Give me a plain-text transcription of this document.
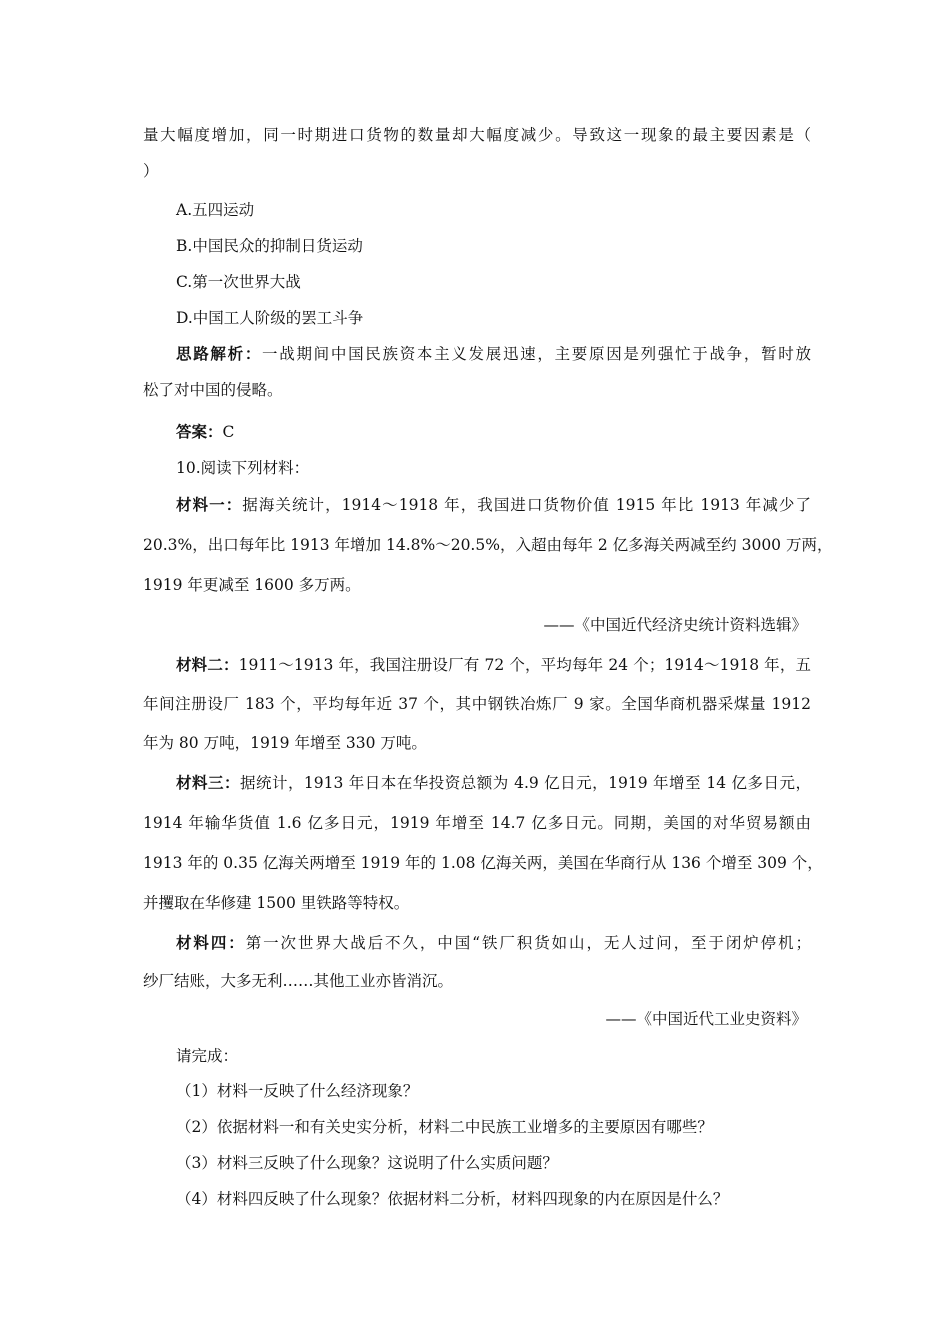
量大幅度增加，同一时期进口货物的数量却大幅度减少。导致这一现象的最主要因素是（
）
A.五四运动
B.中国民众的抑制日货运动
C.第一次世界大战
D.中国工人阶级的罢工斗争
思路解析：一战期间中国民族资本主义发展迅速，主要原因是列强忙于战争，暂时放
松了对中国的侵略。
答案：C
10.阅读下列材料：
材料一：据海关统计，1914～1918 年，我国进口货物价值 1915 年比 1913 年减少了
20.3%，出口每年比 1913 年增加 14.8%～20.5%，入超由每年 2 亿多海关两减至约 3000 万两，
1919 年更减至 1600 多万两。
——《中国近代经济史统计资料选辑》
材料二：1911～1913 年，我国注册设厂有 72 个，平均每年 24 个；1914～1918 年，五
年间注册设厂 183 个，平均每年近 37 个，其中钢铁冶炼厂 9 家。全国华商机器采煤量 1912
年为 80 万吨，1919 年增至 330 万吨。
材料三：据统计，1913 年日本在华投资总额为 4.9 亿日元，1919 年增至 14 亿多日元，
1914 年输华货值 1.6 亿多日元，1919 年增至 14.7 亿多日元。同期，美国的对华贸易额由
1913 年的 0.35 亿海关两增至 1919 年的 1.08 亿海关两，美国在华商行从 136 个增至 309 个，
并攫取在华修建 1500 里铁路等特权。
材料四：第一次世界大战后不久，中国“铁厂积货如山，无人过问，至于闭炉停机；
纱厂结账，大多无利……其他工业亦皆消沉。
——《中国近代工业史资料》
请完成：
（1）材料一反映了什么经济现象？
（2）依据材料一和有关史实分析，材料二中民族工业增多的主要原因有哪些？
（3）材料三反映了什么现象？这说明了什么实质问题？
（4）材料四反映了什么现象？依据材料二分析，材料四现象的内在原因是什么？
